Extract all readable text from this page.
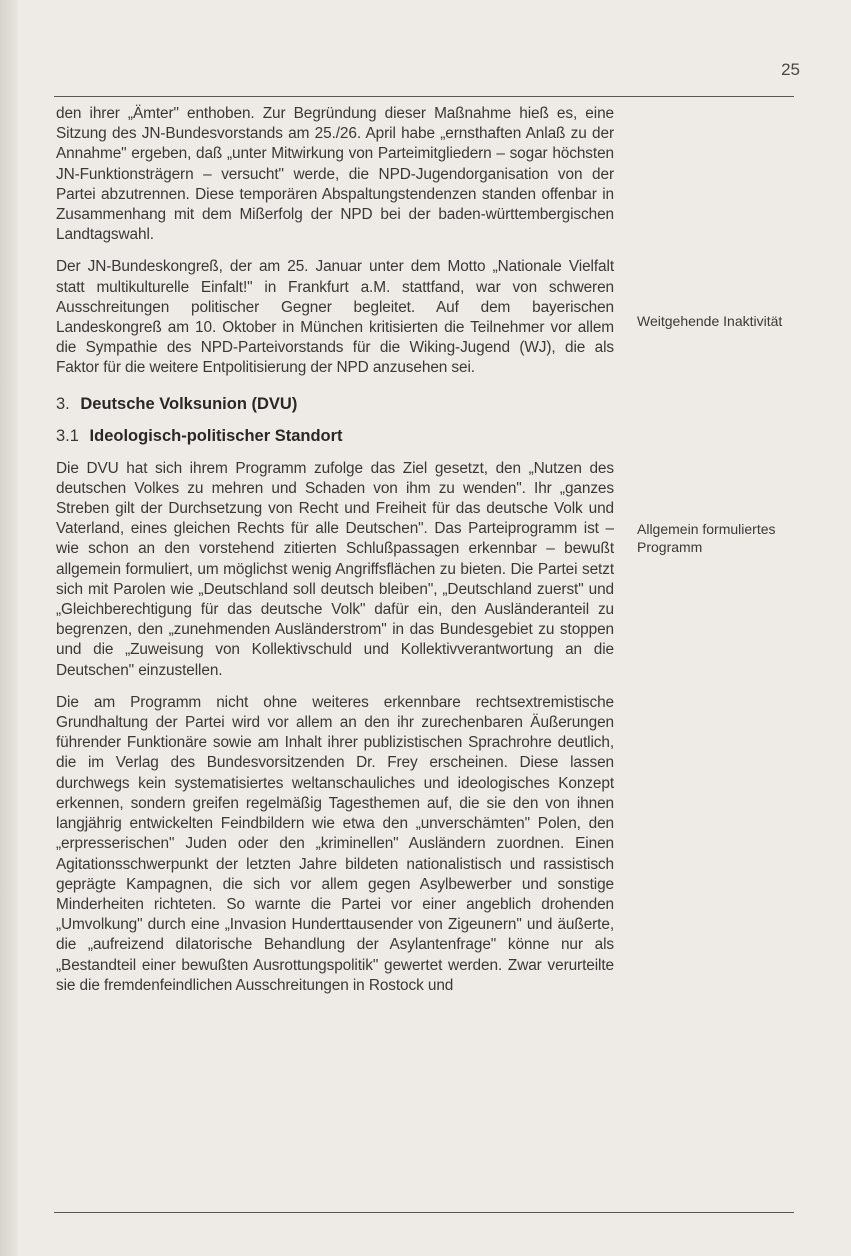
25

den ihrer „Ämter" enthoben. Zur Begründung dieser Maßnahme hieß es, eine Sitzung des JN-Bundesvorstands am 25./26. April habe „ernsthaften Anlaß zu der Annahme" ergeben, daß „unter Mitwirkung von Parteimitgliedern – sogar höchsten JN-Funktionsträgern – versucht" werde, die NPD-Jugendorganisation von der Partei abzutrennen. Diese temporären Abspaltungstendenzen standen offenbar in Zusammenhang mit dem Mißerfolg der NPD bei der baden-württembergischen Landtagswahl.

Der JN-Bundeskongreß, der am 25. Januar unter dem Motto „Nationale Vielfalt statt multikulturelle Einfalt!" in Frankfurt a.M. stattfand, war von schweren Ausschreitungen politischer Gegner begleitet. Auf dem bayerischen Landeskongreß am 10. Oktober in München kritisierten die Teilnehmer vor allem die Sympathie des NPD-Parteivorstands für die Wiking-Jugend (WJ), die als Faktor für die weitere Entpolitisierung der NPD anzusehen sei.

3. Deutsche Volksunion (DVU)
3.1 Ideologisch-politischer Standort

Die DVU hat sich ihrem Programm zufolge das Ziel gesetzt, den „Nutzen des deutschen Volkes zu mehren und Schaden von ihm zu wenden". Ihr „ganzes Streben gilt der Durchsetzung von Recht und Freiheit für das deutsche Volk und Vaterland, eines gleichen Rechts für alle Deutschen". Das Parteiprogramm ist – wie schon an den vorstehend zitierten Schlußpassagen erkennbar – bewußt allgemein formuliert, um möglichst wenig Angriffsflächen zu bieten. Die Partei setzt sich mit Parolen wie „Deutschland soll deutsch bleiben", „Deutschland zuerst" und „Gleichberechtigung für das deutsche Volk" dafür ein, den Ausländeranteil zu begrenzen, den „zunehmenden Ausländerstrom" in das Bundesgebiet zu stoppen und die „Zuweisung von Kollektivschuld und Kollektivverantwortung an die Deutschen" einzustellen.

Die am Programm nicht ohne weiteres erkennbare rechtsextremistische Grundhaltung der Partei wird vor allem an den ihr zurechenbaren Äußerungen führender Funktionäre sowie am Inhalt ihrer publizistischen Sprachrohre deutlich, die im Verlag des Bundesvorsitzenden Dr. Frey erscheinen. Diese lassen durchwegs kein systematisiertes weltanschauliches und ideologisches Konzept erkennen, sondern greifen regelmäßig Tagesthemen auf, die sie den von ihnen langjährig entwickelten Feindbildern wie etwa den „unverschämten" Polen, den „erpresserischen" Juden oder den „kriminellen" Ausländern zuordnen. Einen Agitationsschwerpunkt der letzten Jahre bildeten nationalistisch und rassistisch geprägte Kampagnen, die sich vor allem gegen Asylbewerber und sonstige Minderheiten richteten. So warnte die Partei vor einer angeblich drohenden „Umvolkung" durch eine „Invasion Hunderttausender von Zigeunern" und äußerte, die „aufreizend dilatorische Behandlung der Asylantenfrage" könne nur als „Bestandteil einer bewußten Ausrottungspolitik" gewertet werden. Zwar verurteilte sie die fremdenfeindlichen Ausschreitungen in Rostock und

Weitgehende Inaktivität
Allgemein formuliertes Programm
